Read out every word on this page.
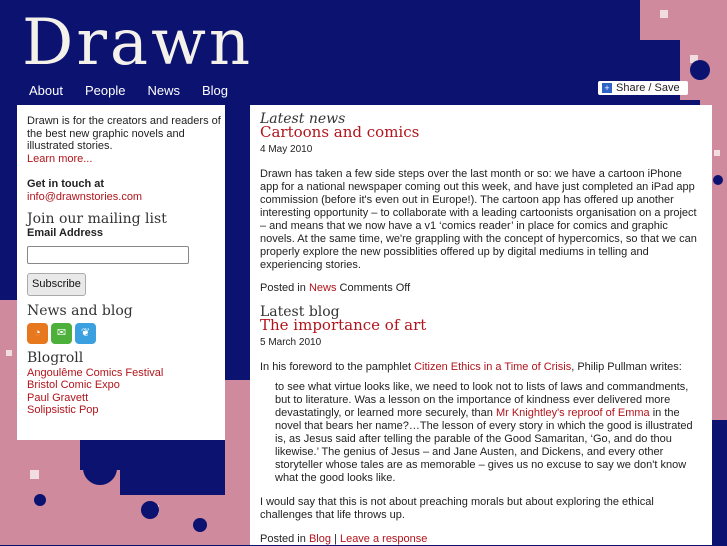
Drawn
About People News Blog	+ Share / Save

Drawn is for the creators and readers of the best new graphic novels and illustrated stories.

Learn more...
Get in touch at
info@drawnstories.com
Join our mailing list
Email Address
Subscribe
News and blog
◔	✉	❦
Blogroll
Angoulême Comics Festival
Bristol Comic Expo
Paul Gravett
Solipsistic Pop
Latest news
Cartoons and comics
4 May 2010

Drawn has taken a few side steps over the last month or so: we have a cartoon iPhone app for a national newspaper coming out this week, and have just completed an iPad app commission (before it's even out in Europe!). The cartoon app has offered up another interesting opportunity – to collaborate with a leading cartoonists organisation on a project – and means that we now have a v1 ‘comics reader’ in place for comics and graphic novels. At the same time, we're grappling with the concept of hypercomics, so that we can properly explore the new possiblities offered up by digital mediums in telling and experiencing stories.

Posted in News Comments Off

Latest blog
The importance of art
5 March 2010

In his foreword to the pamphlet Citizen Ethics in a Time of Crisis, Philip Pullman writes:

to see what virtue looks like, we need to look not to lists of laws and commandments, but to literature. Was a lesson on the importance of kindness ever delivered more devastatingly, or learned more securely, than Mr Knightley's reproof of Emma in the novel that bears her name?…The lesson of every story in which the good is illustrated is, as Jesus said after telling the parable of the Good Samaritan, ‘Go, and do thou likewise.’ The genius of Jesus – and Jane Austen, and Dickens, and every other storyteller whose tales are as memorable – gives us no excuse to say we don't know what the good looks like.

I would say that this is not about preaching morals but about exploring the ethical challenges that life throws up.

Posted in Blog | Leave a response
